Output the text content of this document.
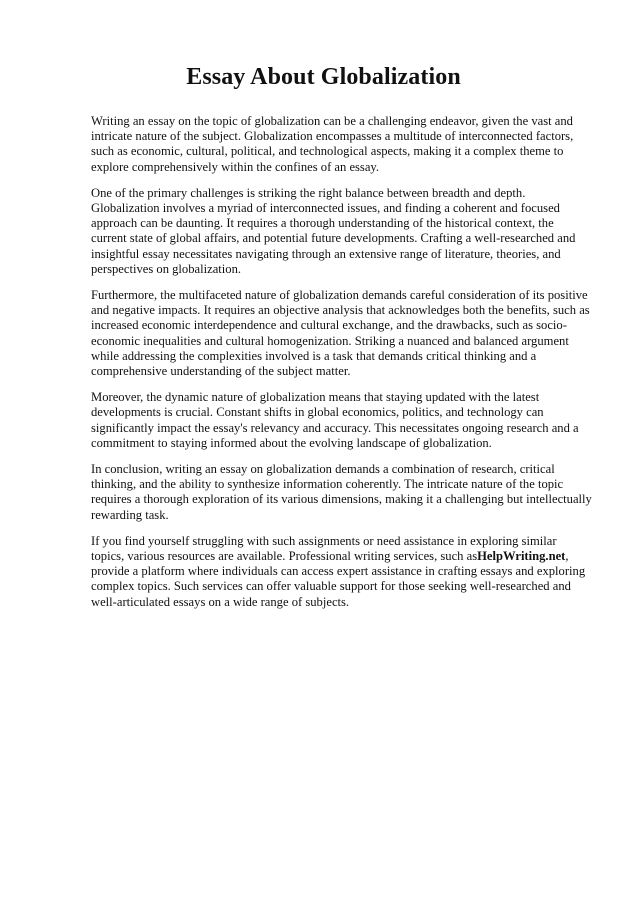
Essay About Globalization

Writing an essay on the topic of globalization can be a challenging endeavor, given the vast and intricate nature of the subject. Globalization encompasses a multitude of interconnected factors, such as economic, cultural, political, and technological aspects, making it a complex theme to explore comprehensively within the confines of an essay.

One of the primary challenges is striking the right balance between breadth and depth. Globalization involves a myriad of interconnected issues, and finding a coherent and focused approach can be daunting. It requires a thorough understanding of the historical context, the current state of global affairs, and potential future developments. Crafting a well-researched and insightful essay necessitates navigating through an extensive range of literature, theories, and perspectives on globalization.

Furthermore, the multifaceted nature of globalization demands careful consideration of its positive and negative impacts. It requires an objective analysis that acknowledges both the benefits, such as increased economic interdependence and cultural exchange, and the drawbacks, such as socio-economic inequalities and cultural homogenization. Striking a nuanced and balanced argument while addressing the complexities involved is a task that demands critical thinking and a comprehensive understanding of the subject matter.

Moreover, the dynamic nature of globalization means that staying updated with the latest developments is crucial. Constant shifts in global economics, politics, and technology can significantly impact the essay's relevancy and accuracy. This necessitates ongoing research and a commitment to staying informed about the evolving landscape of globalization.

In conclusion, writing an essay on globalization demands a combination of research, critical thinking, and the ability to synthesize information coherently. The intricate nature of the topic requires a thorough exploration of its various dimensions, making it a challenging but intellectually rewarding task.

If you find yourself struggling with such assignments or need assistance in exploring similar topics, various resources are available. Professional writing services, such asHelpWriting.net, provide a platform where individuals can access expert assistance in crafting essays and exploring complex topics. Such services can offer valuable support for those seeking well-researched and well-articulated essays on a wide range of subjects.
